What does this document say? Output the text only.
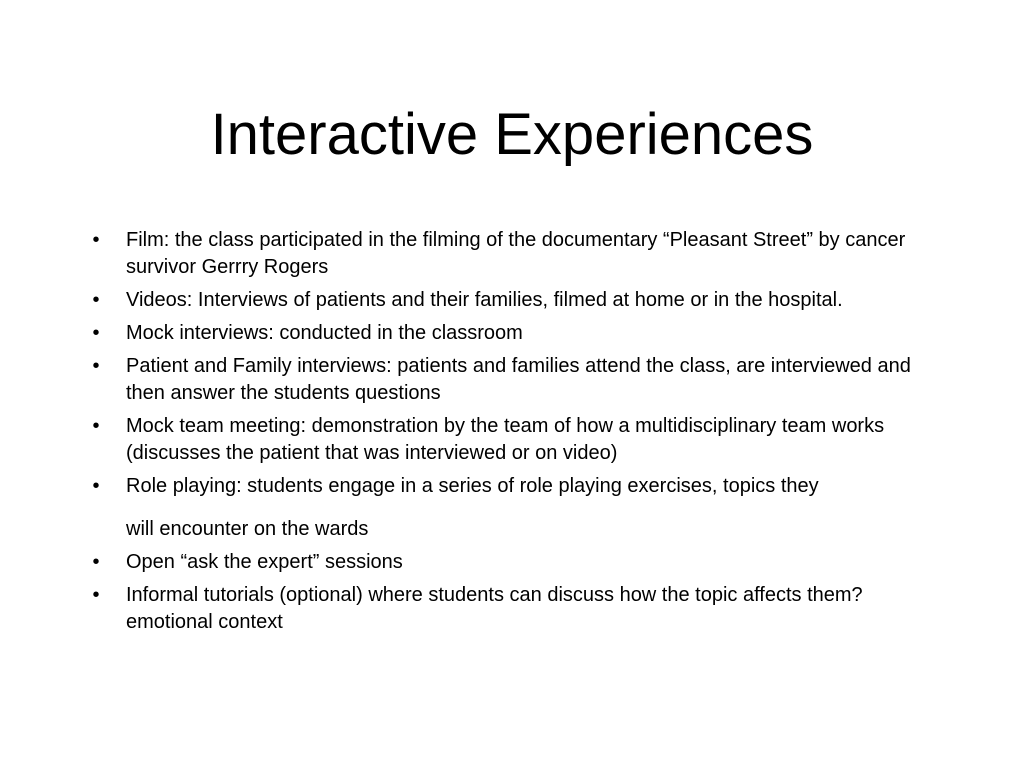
Interactive Experiences
•	Film: the class participated in the filming of the documentary “Pleasant Street” by cancer survivor Gerrry Rogers
•	Videos: Interviews of patients and their families, filmed at home or in the hospital.
•	Mock interviews: conducted in the classroom
•	Patient and Family interviews: patients and families attend the class, are interviewed and then answer the students questions
•	Mock team meeting: demonstration by the team of how a multidisciplinary team works (discusses the patient that was interviewed or on video)
•	Role playing: students engage in a series of role playing exercises, topics they
will encounter on the wards
•	Open “ask the expert” sessions
•	Informal tutorials (optional) where students can discuss how the topic affects them?emotional context
